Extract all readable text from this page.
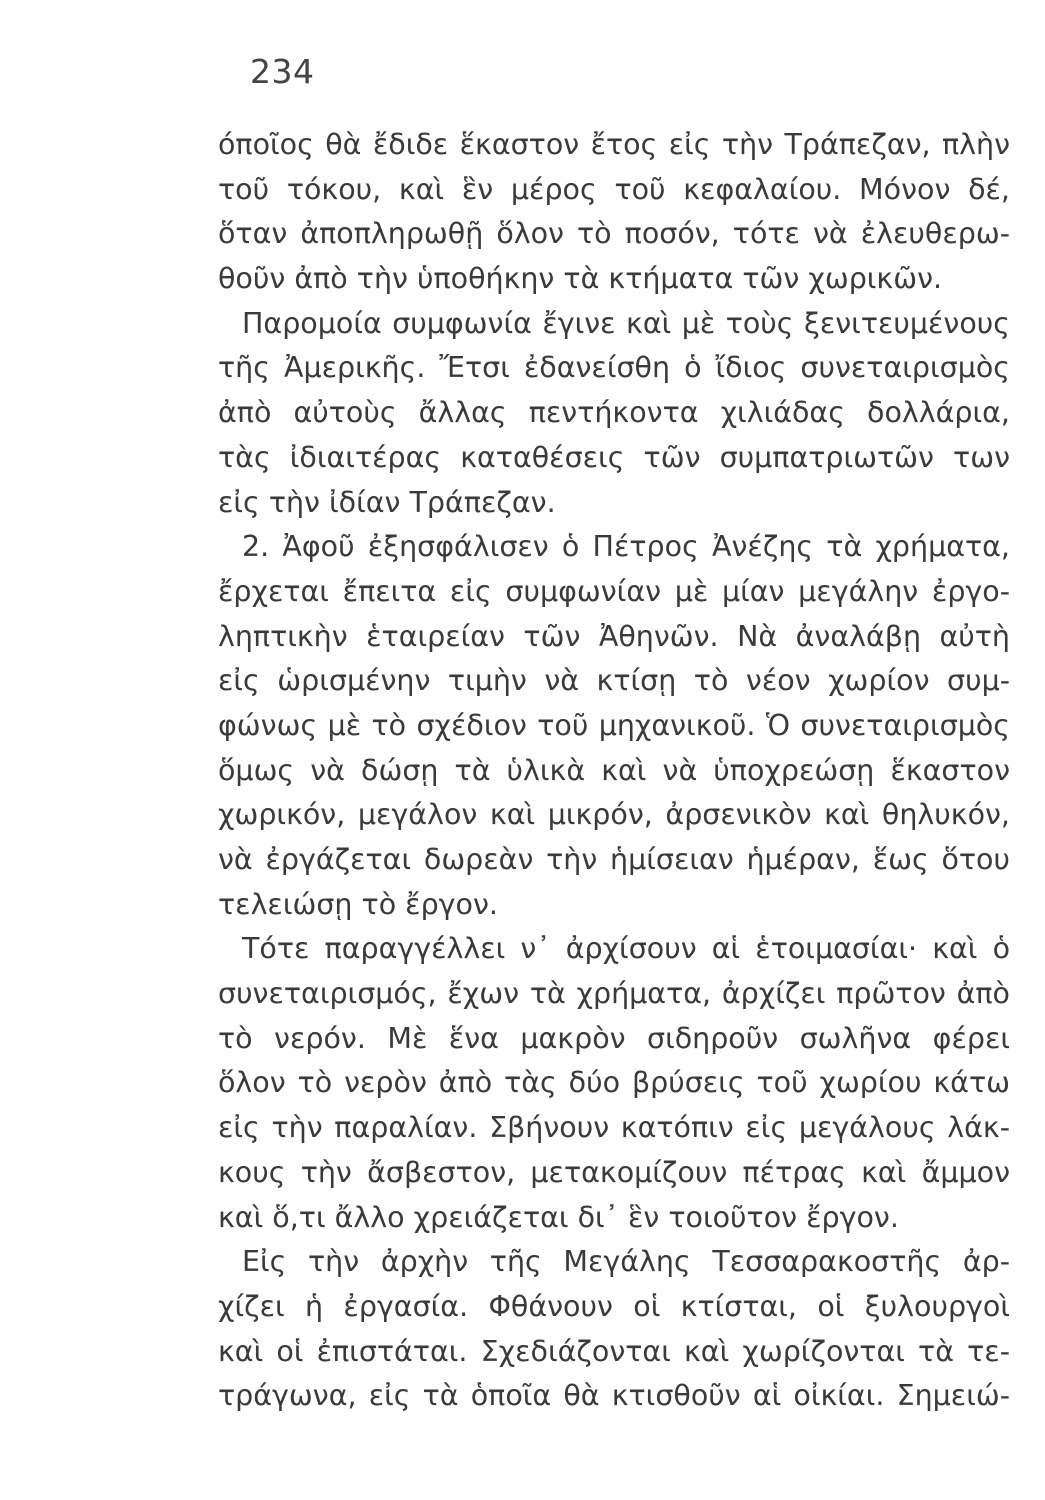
234
όποῖος θὰ ἔδιδε ἕκαστον ἔτος εἰς τὴν Τράπεζαν, πλὴν
τοῦ τόκου, καὶ ἓν μέρος τοῦ κεφαλαίου. Μόνον δέ,
ὅταν ἀποπληρωθῇ ὅλον τὸ ποσόν, τότε νὰ ἐλευθερω-
θοῦν ἀπὸ τὴν ὑποθήκην τὰ κτήματα τῶν χωρικῶν.
Παρομοία συμφωνία ἔγινε καὶ μὲ τοὺς ξενιτευμένους
τῆς Ἀμερικῆς. Ἔτσι ἐδανείσθη ὁ ἴδιος συνεταιρισμὸς
ἀπὸ αὐτοὺς ἄλλας πεντήκοντα χιλιάδας δολλάρια,
τὰς ἰδιαιτέρας καταθέσεις τῶν συμπατριωτῶν των
εἰς τὴν ἰδίαν Τράπεζαν.
2. Ἀφοῦ ἐξησφάλισεν ὁ Πέτρος Ἀνέζης τὰ χρήματα,
ἔρχεται ἔπειτα εἰς συμφωνίαν μὲ μίαν μεγάλην ἐργο-
ληπτικὴν ἑταιρείαν τῶν Ἀθηνῶν. Νὰ ἀναλάβῃ αὐτὴ
εἰς ὡρισμένην τιμὴν νὰ κτίσῃ τὸ νέον χωρίον συμ-
φώνως μὲ τὸ σχέδιον τοῦ μηχανικοῦ. Ὁ συνεταιρισμὸς
ὅμως νὰ δώσῃ τὰ ὑλικὰ καὶ νὰ ὑποχρεώσῃ ἕκαστον
χωρικόν, μεγάλον καὶ μικρόν, ἀρσενικὸν καὶ θηλυκόν,
νὰ ἐργάζεται δωρεὰν τὴν ἡμίσειαν ἡμέραν, ἕως ὅτου
τελειώσῃ τὸ ἔργον.
Τότε παραγγέλλει ν᾽ ἀρχίσουν αἱ ἑτοιμασίαι· καὶ ὁ
συνεταιρισμός, ἔχων τὰ χρήματα, ἀρχίζει πρῶτον ἀπὸ
τὸ νερόν. Μὲ ἕνα μακρὸν σιδηροῦν σωλῆνα φέρει
ὅλον τὸ νερὸν ἀπὸ τὰς δύο βρύσεις τοῦ χωρίου κάτω
εἰς τὴν παραλίαν. Σβήνουν κατόπιν εἰς μεγάλους λάκ-
κους τὴν ἄσβεστον, μετακομίζουν πέτρας καὶ ἄμμον
καὶ ὅ,τι ἄλλο χρειάζεται δι᾽ ἓν τοιοῦτον ἔργον.
Εἰς τὴν ἀρχὴν τῆς Μεγάλης Τεσσαρακοστῆς ἀρ-
χίζει ἡ ἐργασία. Φθάνουν οἱ κτίσται, οἱ ξυλουργοὶ
καὶ οἱ ἐπιστάται. Σχεδιάζονται καὶ χωρίζονται τὰ τε-
τράγωνα, εἰς τὰ ὁποῖα θὰ κτισθοῦν αἱ οἰκίαι. Σημειώ-
